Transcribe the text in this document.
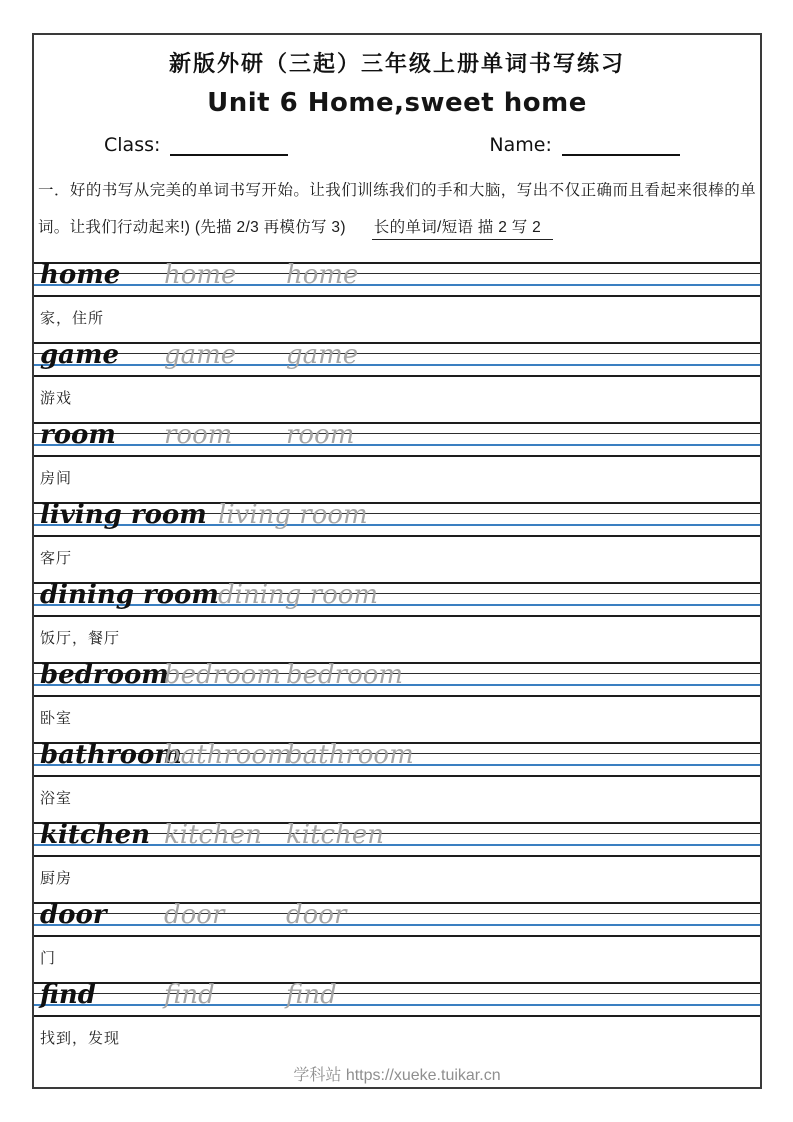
新版外研（三起）三年级上册单词书写练习
Unit 6 Home,sweet home
Class:	Name:

一．好的书写从完美的单词书写开始。让我们训练我们的手和大脑，写出不仅正确而且看起来很棒的单词。让我们行动起来!) (先描 2/3 再模仿写 3) 长的单词/短语 描 2 写 2

home home home
家，住所
game game game
游戏
room room room
房间
living room living room
客厅
dining room dining room
饭厅，餐厅
bedroom
bedroom bedroom
卧室
bathroom
bathroom
bathroom
浴室
kitchen kitchen kitchen
厨房
door door door
门
find	find	find
找到，发现
学科站 https://xueke.tuikar.cn
